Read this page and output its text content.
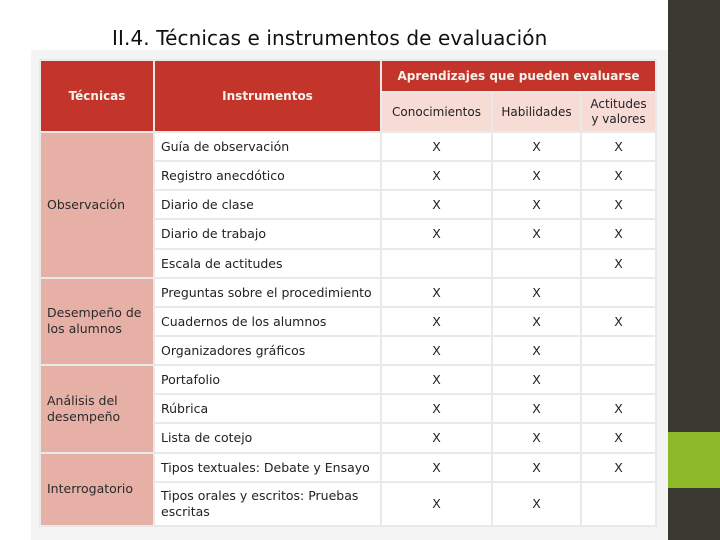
II.4. Técnicas e instrumentos de evaluación
Técnicas	Instrumentos	Aprendizajes que pueden evaluarse		
		Conocimientos	Habilidades	Actitudes y valores
Observación	Guía de observación	X	X	X
	Registro anecdótico	X	X	X
	Diario de clase	X	X	X
	Diario de trabajo	X	X	X
	Escala de actitudes			X
Desempeño de los alumnos	Preguntas sobre el procedimiento	X	X	
	Cuadernos de los alumnos	X	X	X
	Organizadores gráficos	X	X	
Análisis del desempeño	Portafolio	X	X	
	Rúbrica	X	X	X
	Lista de cotejo	X	X	X
Interrogatorio	Tipos textuales: Debate y Ensayo	X	X	X
	Tipos orales y escritos: Pruebas escritas	X	X	
